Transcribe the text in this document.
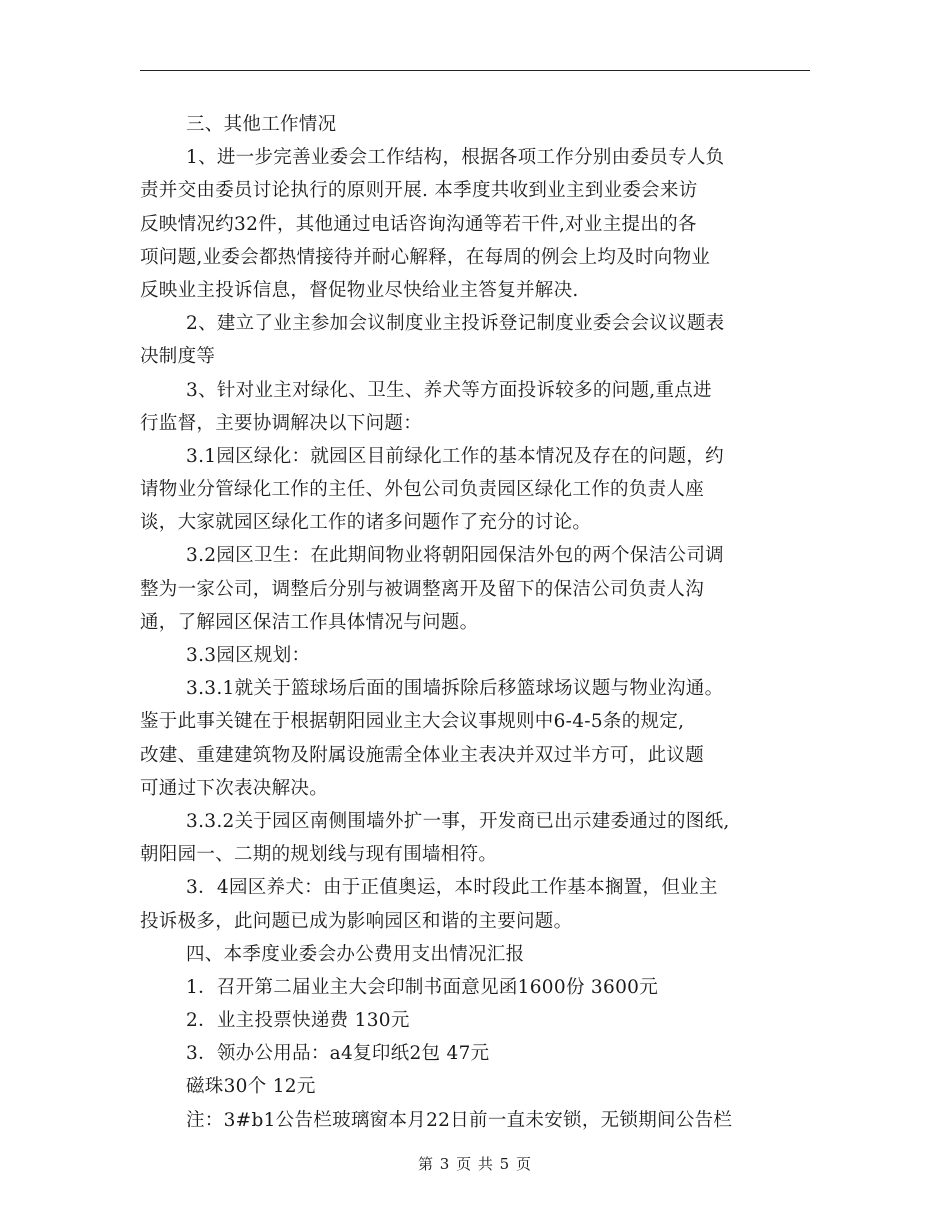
三、其他工作情况
1、进一步完善业委会工作结构，根据各项工作分别由委员专人负
责并交由委员讨论执行的原则开展. 本季度共收到业主到业委会来访
反映情况约32件，其他通过电话咨询沟通等若干件,对业主提出的各
项问题,业委会都热情接待并耐心解释，在每周的例会上均及时向物业
反映业主投诉信息，督促物业尽快给业主答复并解决.
2、建立了业主参加会议制度业主投诉登记制度业委会会议议题表
决制度等
3、针对业主对绿化、卫生、养犬等方面投诉较多的问题,重点进
行监督，主要协调解决以下问题：
3.1园区绿化：就园区目前绿化工作的基本情况及存在的问题，约
请物业分管绿化工作的主任、外包公司负责园区绿化工作的负责人座
谈，大家就园区绿化工作的诸多问题作了充分的讨论。
3.2园区卫生：在此期间物业将朝阳园保洁外包的两个保洁公司调
整为一家公司，调整后分别与被调整离开及留下的保洁公司负责人沟
通，了解园区保洁工作具体情况与问题。
3.3园区规划：
3.3.1就关于篮球场后面的围墙拆除后移篮球场议题与物业沟通。
鉴于此事关键在于根据朝阳园业主大会议事规则中6-4-5条的规定,
改建、重建建筑物及附属设施需全体业主表决并双过半方可，此议题
可通过下次表决解决。
3.3.2关于园区南侧围墙外扩一事，开发商已出示建委通过的图纸,
朝阳园一、二期的规划线与现有围墙相符。
3．4园区养犬：由于正值奥运，本时段此工作基本搁置，但业主
投诉极多，此问题已成为影响园区和谐的主要问题。
四、本季度业委会办公费用支出情况汇报
1．召开第二届业主大会印制书面意见函1600份 3600元
2．业主投票快递费 130元
3．领办公用品：a4复印纸2包 47元
磁珠30个 12元
注：3#b1公告栏玻璃窗本月22日前一直未安锁，无锁期间公告栏
第 3 页 共 5 页
